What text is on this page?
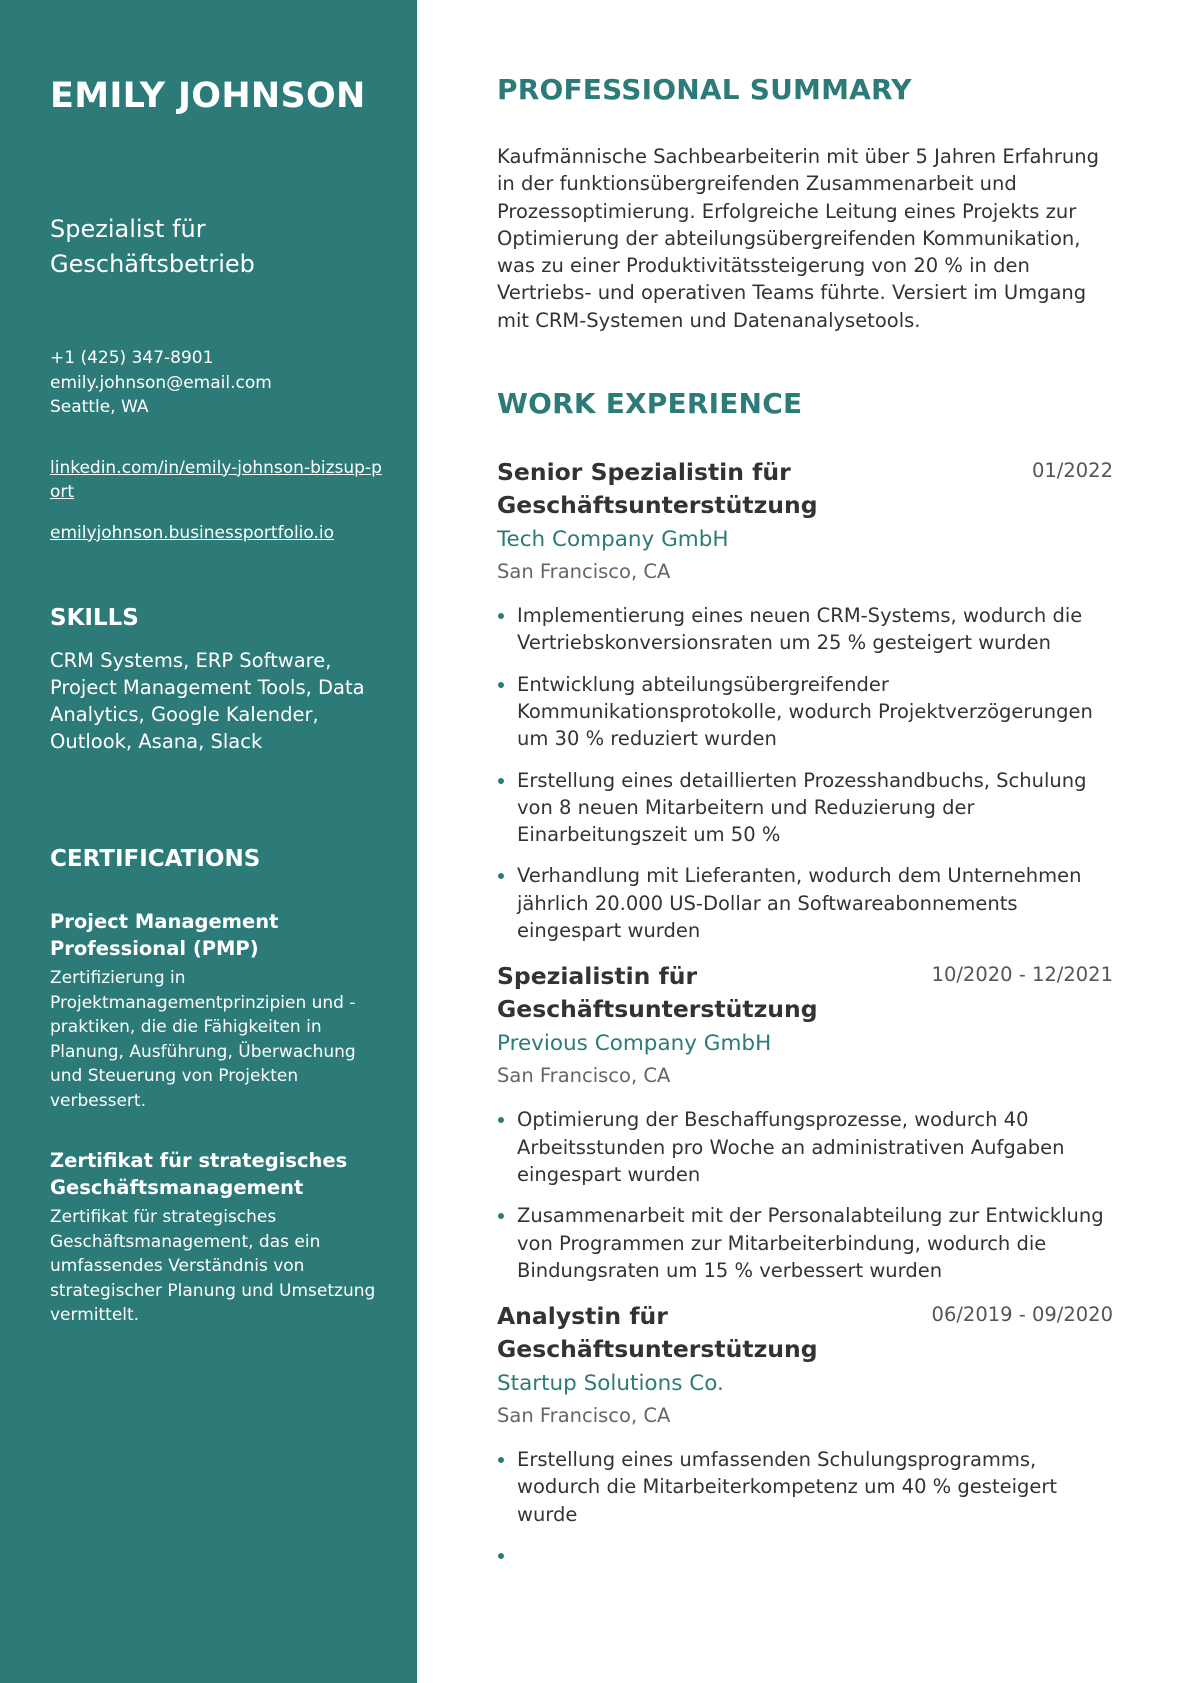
EMILY JOHNSON
Spezialist für Geschäftsbetrieb
+1 (425) 347-8901
emily.johnson@email.com
Seattle, WA
linkedin.com/in/emily-johnson-bizsup-port
emilyjohnson.businessportfolio.io
SKILLS
CRM Systems, ERP Software, Project Management Tools, Data Analytics, Google Kalender, Outlook, Asana, Slack
CERTIFICATIONS
Project Management Professional (PMP)
Zertifizierung in Projektmanagementprinzipien und -praktiken, die die Fähigkeiten in Planung, Ausführung, Überwachung und Steuerung von Projekten verbessert.
Zertifikat für strategisches Geschäftsmanagement
Zertifikat für strategisches Geschäftsmanagement, das ein umfassendes Verständnis von strategischer Planung und Umsetzung vermittelt.
PROFESSIONAL SUMMARY
Kaufmännische Sachbearbeiterin mit über 5 Jahren Erfahrung in der funktionsübergreifenden Zusammenarbeit und Prozessoptimierung. Erfolgreiche Leitung eines Projekts zur Optimierung der abteilungsübergreifenden Kommunikation, was zu einer Produktivitätssteigerung von 20 % in den Vertriebs- und operativen Teams führte. Versiert im Umgang mit CRM-Systemen und Datenanalysetools.
WORK EXPERIENCE
Senior Spezialistin für Geschäftsunterstützung
01/2022
Tech Company GmbH
San Francisco, CA
Implementierung eines neuen CRM-Systems, wodurch die Vertriebskonversionsraten um 25 % gesteigert wurden
Entwicklung abteilungsübergreifender Kommunikationsprotokolle, wodurch Projektverzögerungen um 30 % reduziert wurden
Erstellung eines detaillierten Prozesshandbuchs, Schulung von 8 neuen Mitarbeitern und Reduzierung der Einarbeitungszeit um 50 %
Verhandlung mit Lieferanten, wodurch dem Unternehmen jährlich 20.000 US-Dollar an Softwareabonnements eingespart wurden
Spezialistin für Geschäftsunterstützung
10/2020 - 12/2021
Previous Company GmbH
San Francisco, CA
Optimierung der Beschaffungsprozesse, wodurch 40 Arbeitsstunden pro Woche an administrativen Aufgaben eingespart wurden
Zusammenarbeit mit der Personalabteilung zur Entwicklung von Programmen zur Mitarbeiterbindung, wodurch die Bindungsraten um 15 % verbessert wurden
Analystin für Geschäftsunterstützung
06/2019 - 09/2020
Startup Solutions Co.
San Francisco, CA
Erstellung eines umfassenden Schulungsprogramms, wodurch die Mitarbeiterkompetenz um 40 % gesteigert wurde
